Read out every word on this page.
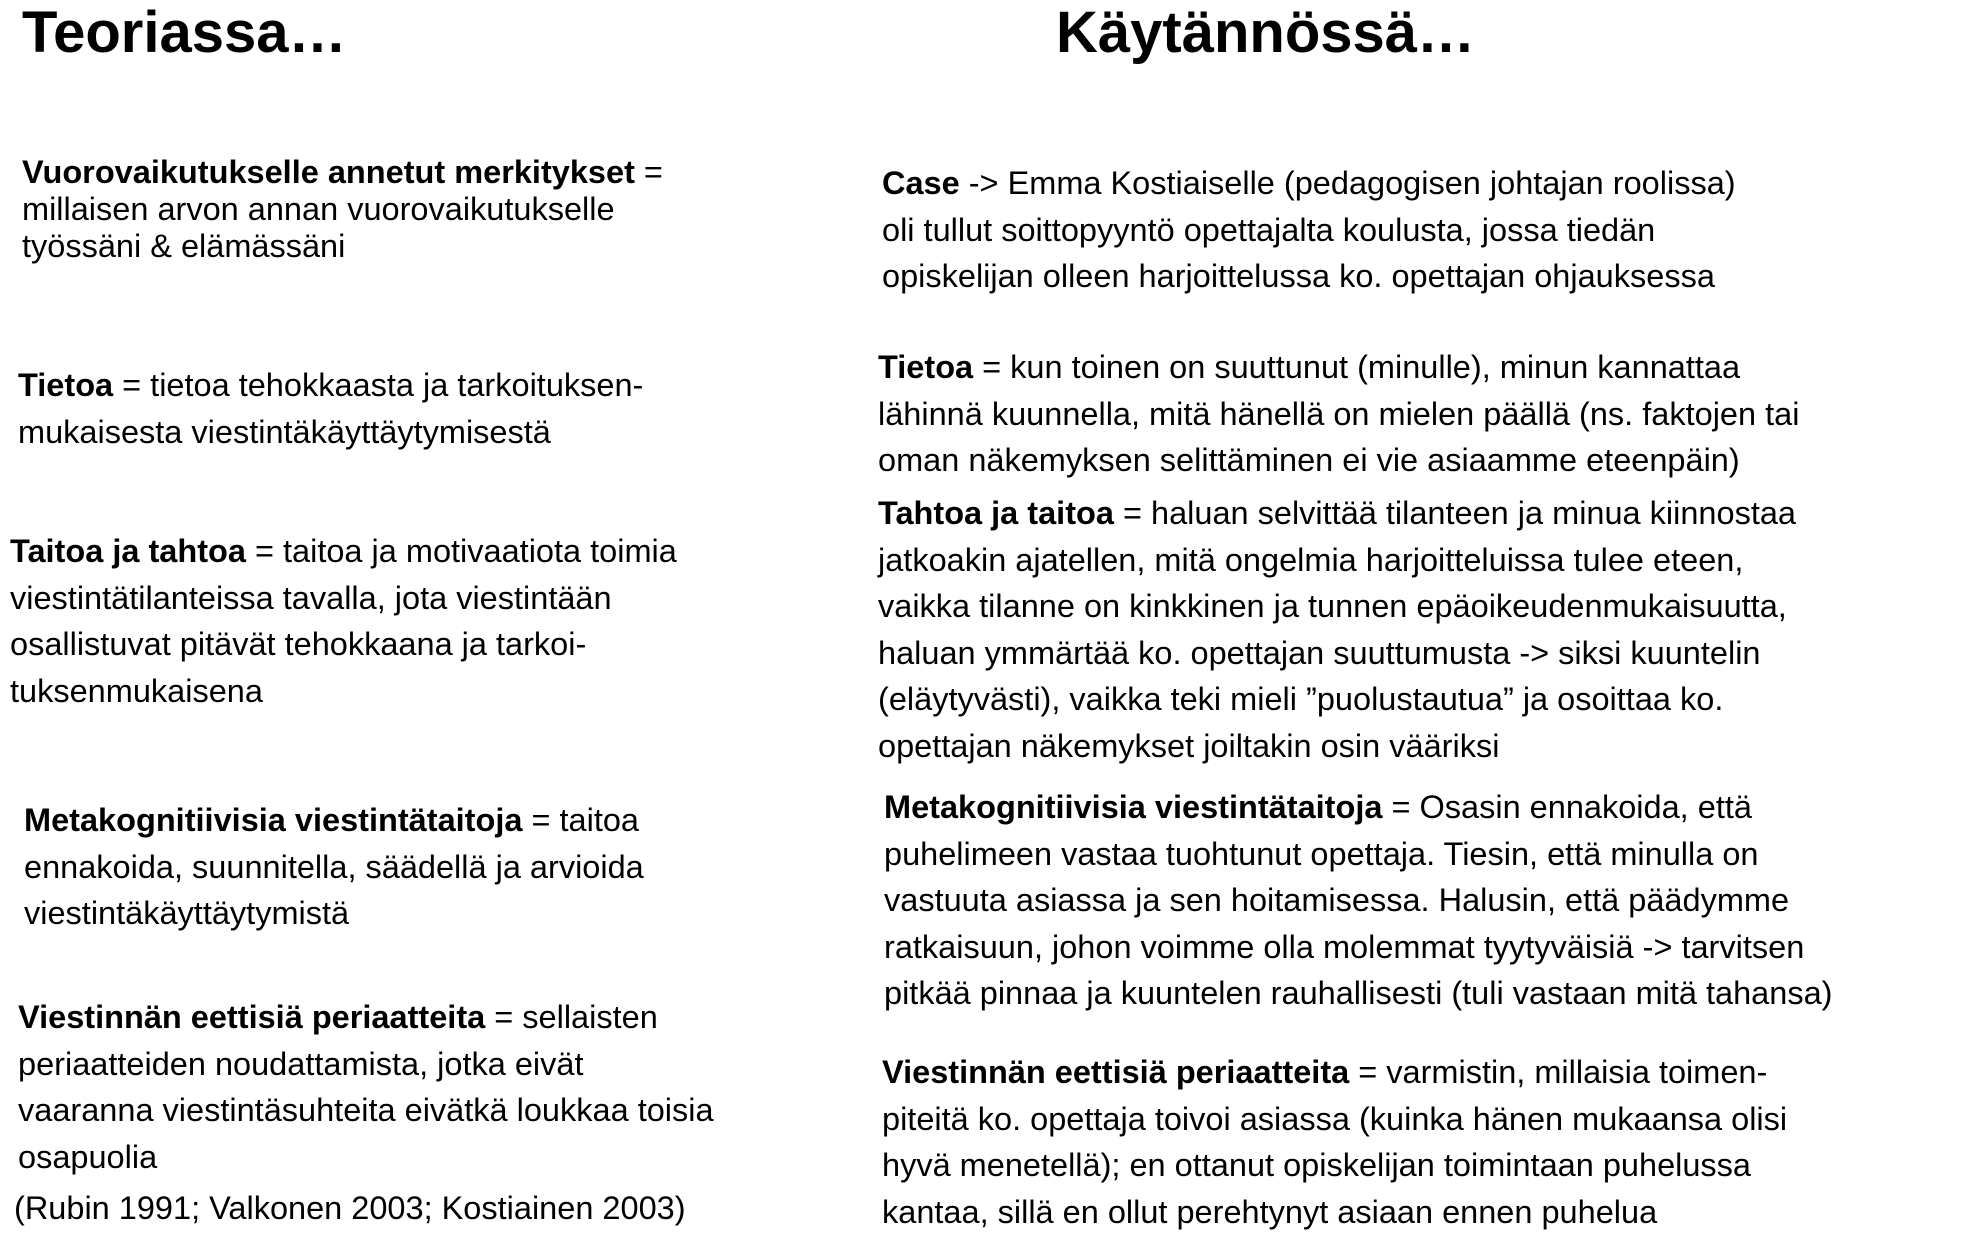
Teoriassa…	Käytännössä…

Vuorovaikutukselle annetut merkitykset =
millaisen arvon annan vuorovaikutukselle
työssäni & elämässäni

Tietoa = tietoa tehokkaasta ja tarkoituksen-
mukaisesta viestintäkäyttäytymisestä

Taitoa ja tahtoa = taitoa ja motivaatiota toimia
viestintätilanteissa tavalla, jota viestintään
osallistuvat pitävät tehokkaana ja tarkoi-
tuksenmukaisena

Metakognitiivisia viestintätaitoja = taitoa
ennakoida, suunnitella, säädellä ja arvioida
viestintäkäyttäytymistä

Viestinnän eettisiä periaatteita = sellaisten
periaatteiden noudattamista, jotka eivät
vaaranna viestintäsuhteita eivätkä loukkaa toisia
osapuolia

(Rubin 1991; Valkonen 2003; Kostiainen 2003)

Case -> Emma Kostiaiselle (pedagogisen johtajan roolissa)
oli tullut soittopyyntö opettajalta koulusta, jossa tiedän
opiskelijan olleen harjoittelussa ko. opettajan ohjauksessa

Tietoa = kun toinen on suuttunut (minulle), minun kannattaa
lähinnä kuunnella, mitä hänellä on mielen päällä (ns. faktojen tai
oman näkemyksen selittäminen ei vie asiaamme eteenpäin)

Tahtoa ja taitoa = haluan selvittää tilanteen ja minua kiinnostaa
jatkoakin ajatellen, mitä ongelmia harjoitteluissa tulee eteen,
vaikka tilanne on kinkkinen ja tunnen epäoikeudenmukaisuutta,
haluan ymmärtää ko. opettajan suuttumusta -> siksi kuuntelin
(eläytyvästi), vaikka teki mieli ”puolustautua” ja osoittaa ko.
opettajan näkemykset joiltakin osin vääriksi

Metakognitiivisia viestintätaitoja = Osasin ennakoida, että
puhelimeen vastaa tuohtunut opettaja. Tiesin, että minulla on
vastuuta asiassa ja sen hoitamisessa. Halusin, että päädymme
ratkaisuun, johon voimme olla molemmat tyytyväisiä -> tarvitsen
pitkää pinnaa ja kuuntelen rauhallisesti (tuli vastaan mitä tahansa)

Viestinnän eettisiä periaatteita = varmistin, millaisia toimen-
piteitä ko. opettaja toivoi asiassa (kuinka hänen mukaansa olisi
hyvä menetellä); en ottanut opiskelijan toimintaan puhelussa
kantaa, sillä en ollut perehtynyt asiaan ennen puhelua
